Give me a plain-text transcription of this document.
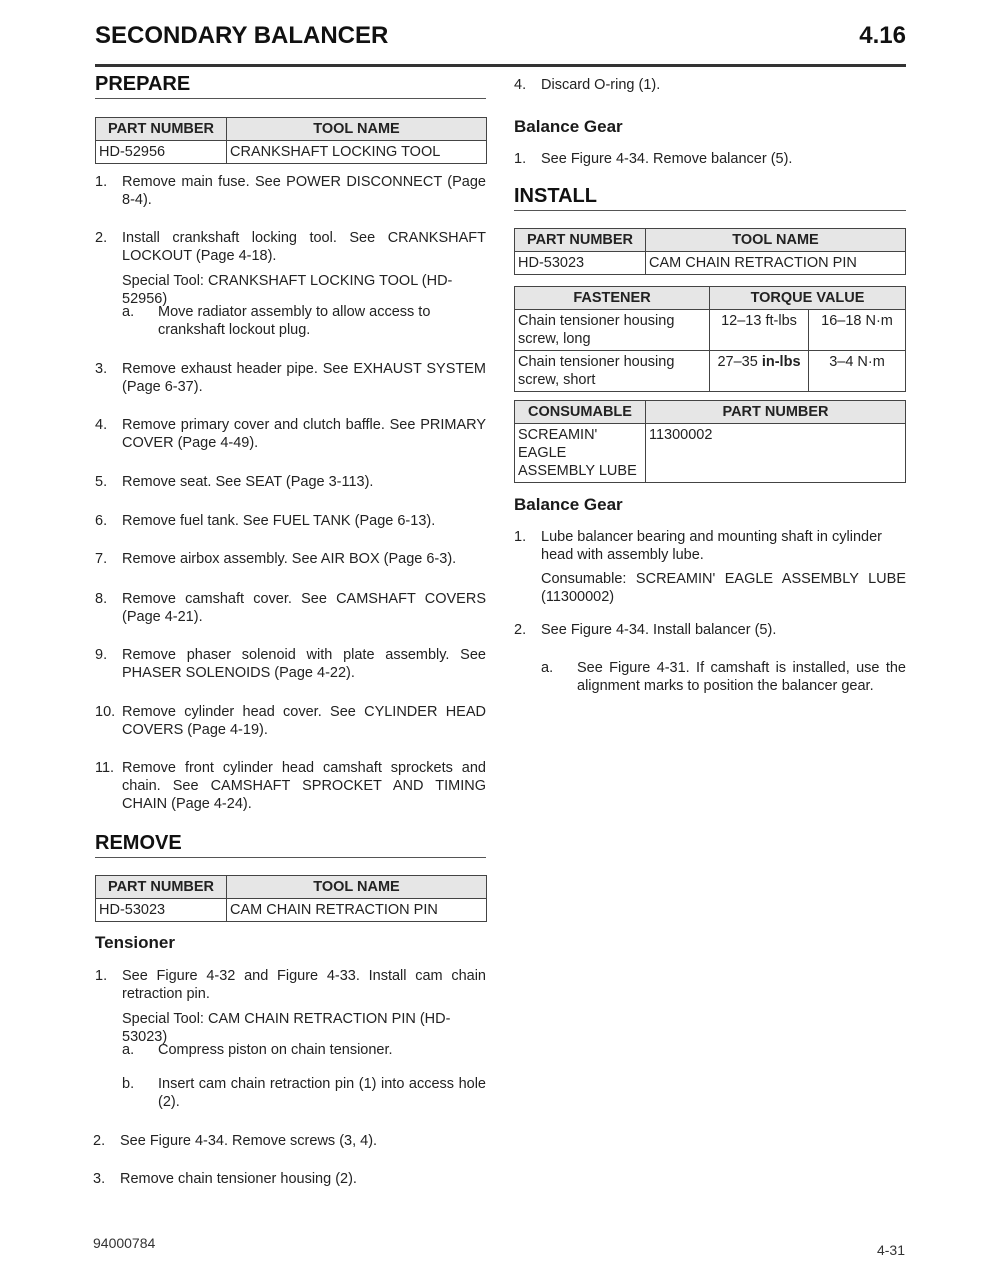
SECONDARY BALANCER	4.16
PREPARE
PART NUMBER	TOOL NAME
HD-52956	CRANKSHAFT LOCKING TOOL
1. Remove main fuse. See POWER DISCONNECT (Page 8-4).
2. Install crankshaft locking tool. See CRANKSHAFT LOCKOUT (Page 4-18).
Special Tool: CRANKSHAFT LOCKING TOOL (HD-52956)
a. Move radiator assembly to allow access to crankshaft lockout plug.
3. Remove exhaust header pipe. See EXHAUST SYSTEM (Page 6-37).
4. Remove primary cover and clutch baffle. See PRIMARY COVER (Page 4-49).
5. Remove seat. See SEAT (Page 3-113).
6. Remove fuel tank. See FUEL TANK (Page 6-13).
7. Remove airbox assembly. See AIR BOX (Page 6-3).
8. Remove camshaft cover. See CAMSHAFT COVERS (Page 4-21).
9. Remove phaser solenoid with plate assembly. See PHASER SOLENOIDS (Page 4-22).
10. Remove cylinder head cover. See CYLINDER HEAD COVERS (Page 4-19).
11. Remove front cylinder head camshaft sprockets and chain. See CAMSHAFT SPROCKET AND TIMING CHAIN (Page 4-24).
REMOVE
PART NUMBER	TOOL NAME
HD-53023	CAM CHAIN RETRACTION PIN
Tensioner
1. See Figure 4-32 and Figure 4-33. Install cam chain retraction pin.
Special Tool: CAM CHAIN RETRACTION PIN (HD-53023)
a. Compress piston on chain tensioner.
b. Insert cam chain retraction pin (1) into access hole (2).
2. See Figure 4-34. Remove screws (3, 4).
3. Remove chain tensioner housing (2).
4. Discard O-ring (1).
Balance Gear
1. See Figure 4-34. Remove balancer (5).
INSTALL
PART NUMBER	TOOL NAME
HD-53023	CAM CHAIN RETRACTION PIN
FASTENER	TORQUE VALUE	
Chain tensioner housing screw, long	12–13 ft-lbs	16–18 N·m
Chain tensioner housing screw, short	27–35 in-lbs	3–4 N·m
CONSUMABLE	PART NUMBER
SCREAMIN' EAGLE ASSEMBLY LUBE	11300002
Balance Gear
1. Lube balancer bearing and mounting shaft in cylinder head with assembly lube.
Consumable: SCREAMIN' EAGLE ASSEMBLY LUBE (11300002)
2. See Figure 4-34. Install balancer (5).
a. See Figure 4-31. If camshaft is installed, use the alignment marks to position the balancer gear.
94000784	4-31
